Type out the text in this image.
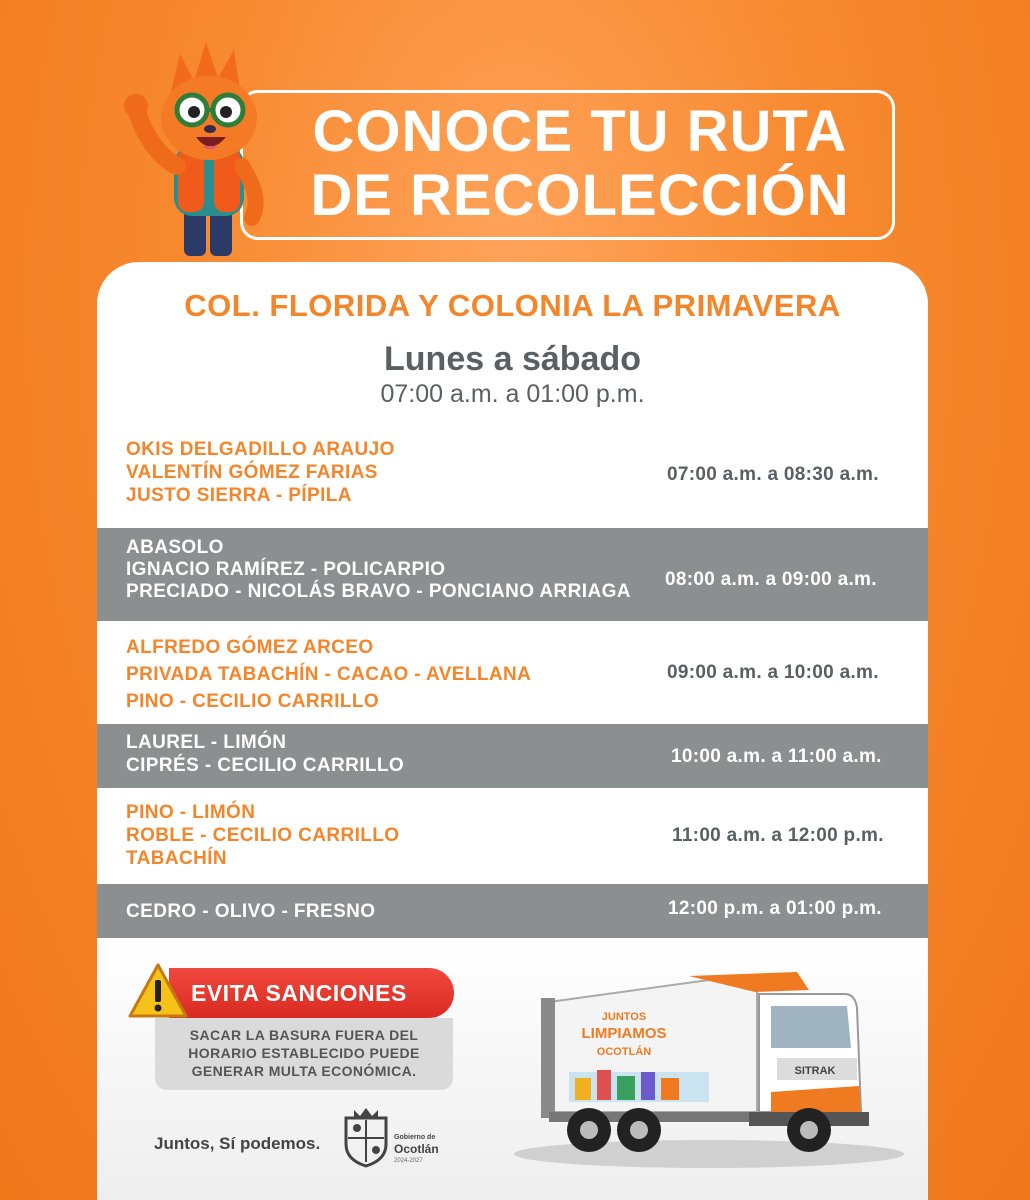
CONOCE TU RUTA
DE RECOLECCIÓN
COL. FLORIDA Y COLONIA LA PRIMAVERA
Lunes a sábado
07:00 a.m. a 01:00 p.m.
OKIS DELGADILLO ARAUJO
VALENTÍN GÓMEZ FARIAS
JUSTO SIERRA - PÍPILA
07:00 a.m. a 08:30 a.m.
ABASOLO
IGNACIO RAMÍREZ - POLICARPIO
PRECIADO - NICOLÁS BRAVO - PONCIANO ARRIAGA
08:00 a.m. a 09:00 a.m.
ALFREDO GÓMEZ ARCEO
PRIVADA TABACHÍN - CACAO - AVELLANA
PINO - CECILIO CARRILLO
09:00 a.m. a 10:00 a.m.
LAUREL - LIMÓN
CIPRÉS - CECILIO CARRILLO	10:00 a.m. a 11:00 a.m.
PINO - LIMÓN
ROBLE - CECILIO CARRILLO
TABACHÍN
11:00 a.m. a 12:00 p.m.
CEDRO - OLIVO - FRESNO	12:00 p.m. a 01:00 p.m.
EVITA SANCIONES
SACAR LA BASURA FUERA DEL
HORARIO ESTABLECIDO PUEDE
GENERAR MULTA ECONÓMICA.
Juntos, Sí podemos.	Gobierno de
Ocotlán
2024-2027
JUNTOS
LIMPIAMOS
OCOTLÁN
SITRAK
